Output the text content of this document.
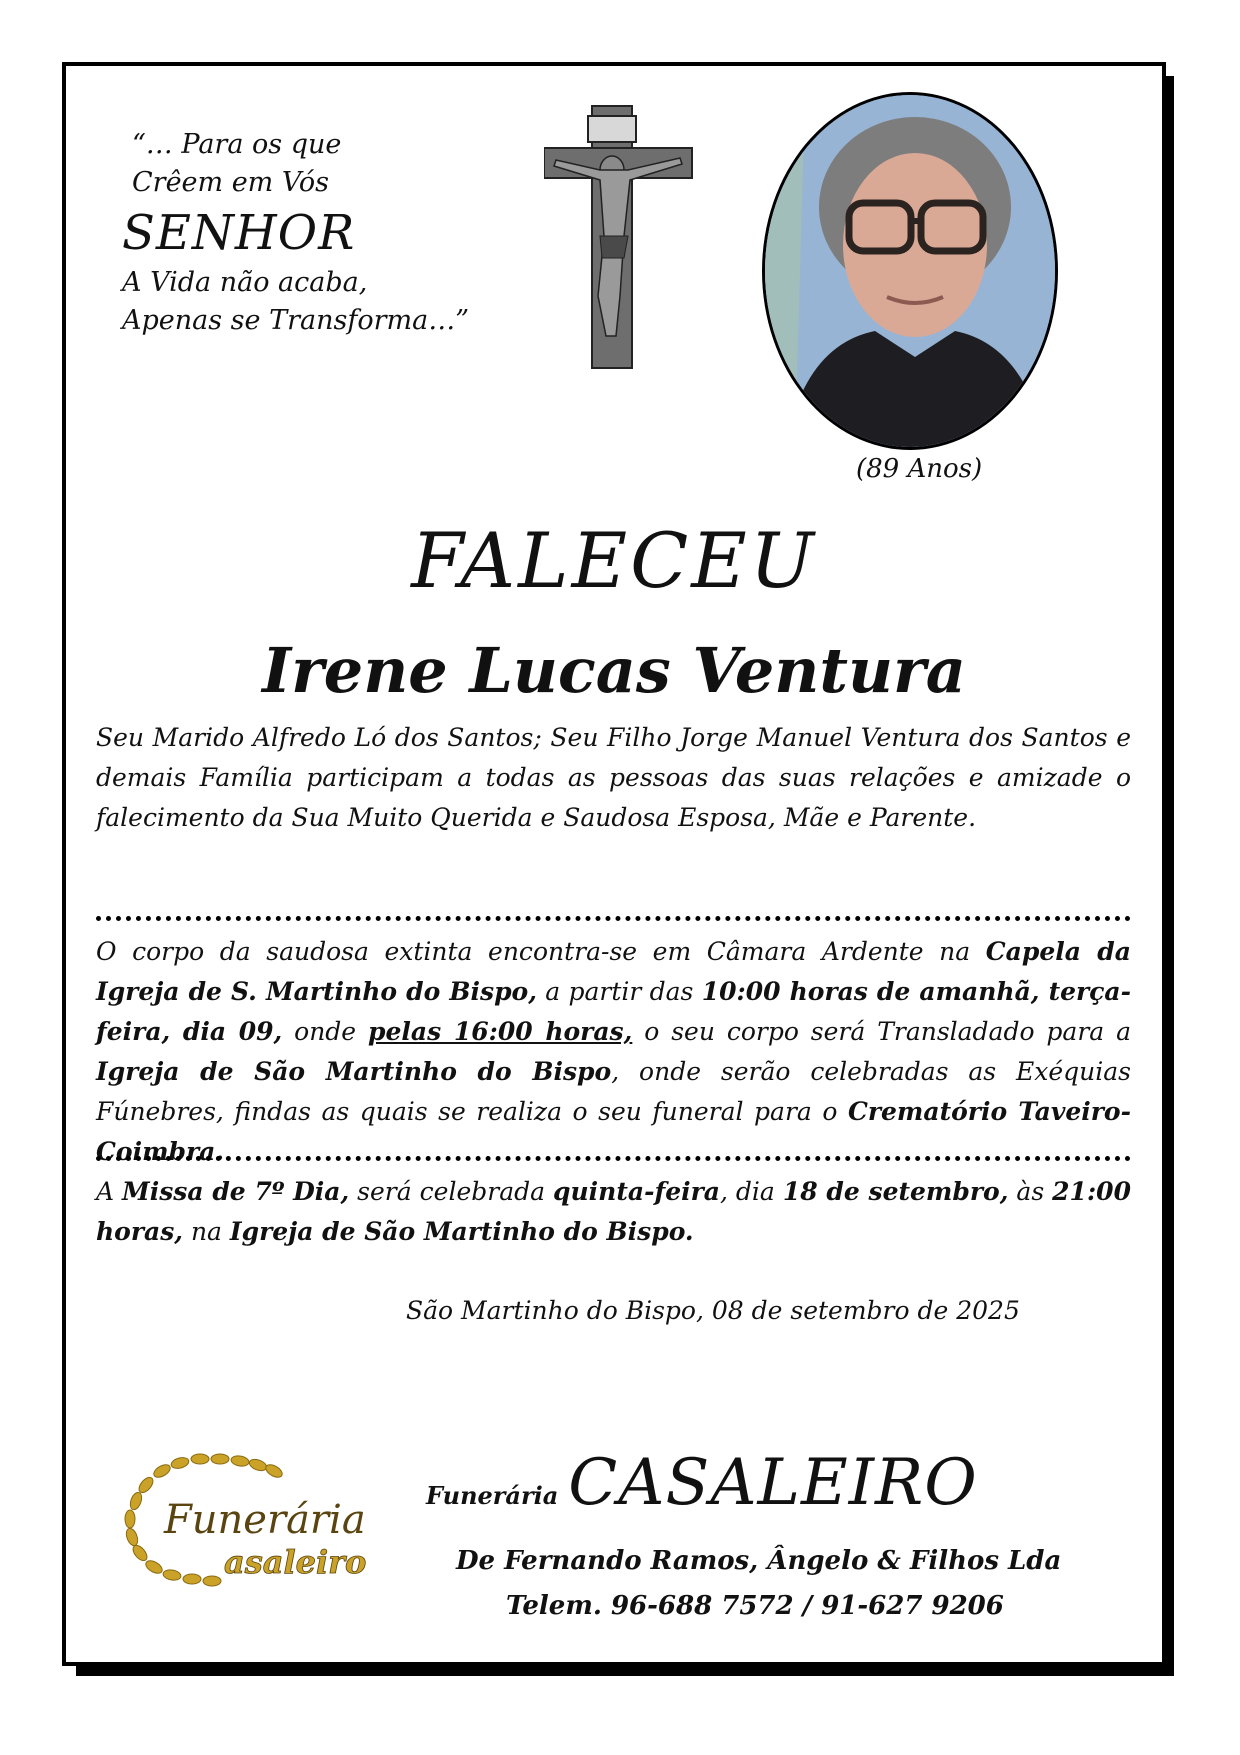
“… Para os que
Crêem em Vós
SENHOR
A Vida não acaba,
Apenas se Transforma…”
(89 Anos)
FALECEU
Irene Lucas Ventura
Seu Marido Alfredo Ló dos Santos; Seu Filho Jorge Manuel Ventura dos Santos e demais Família participam a todas as pessoas das suas relações e amizade o falecimento da Sua Muito Querida e Saudosa Esposa, Mãe e Parente.
O corpo da saudosa extinta encontra-se em Câmara Ardente na Capela da Igreja de S. Martinho do Bispo, a partir das 10:00 horas de amanhã, terça-feira, dia 09, onde pelas 16:00 horas, o seu corpo será Transladado para a Igreja de São Martinho do Bispo, onde serão celebradas as Exéquias Fúnebres, findas as quais se realiza o seu funeral para o Crematório Taveiro-Coimbra.
A Missa de 7º Dia, será celebrada quinta-feira, dia 18 de setembro, às 21:00 horas, na Igreja de São Martinho do Bispo.
São Martinho do Bispo, 08 de setembro de 2025
Funerária
asaleiro
Funerária CASALEIRO
De Fernando Ramos, Ângelo & Filhos Lda
Telem. 96-688 7572 / 91-627 9206
